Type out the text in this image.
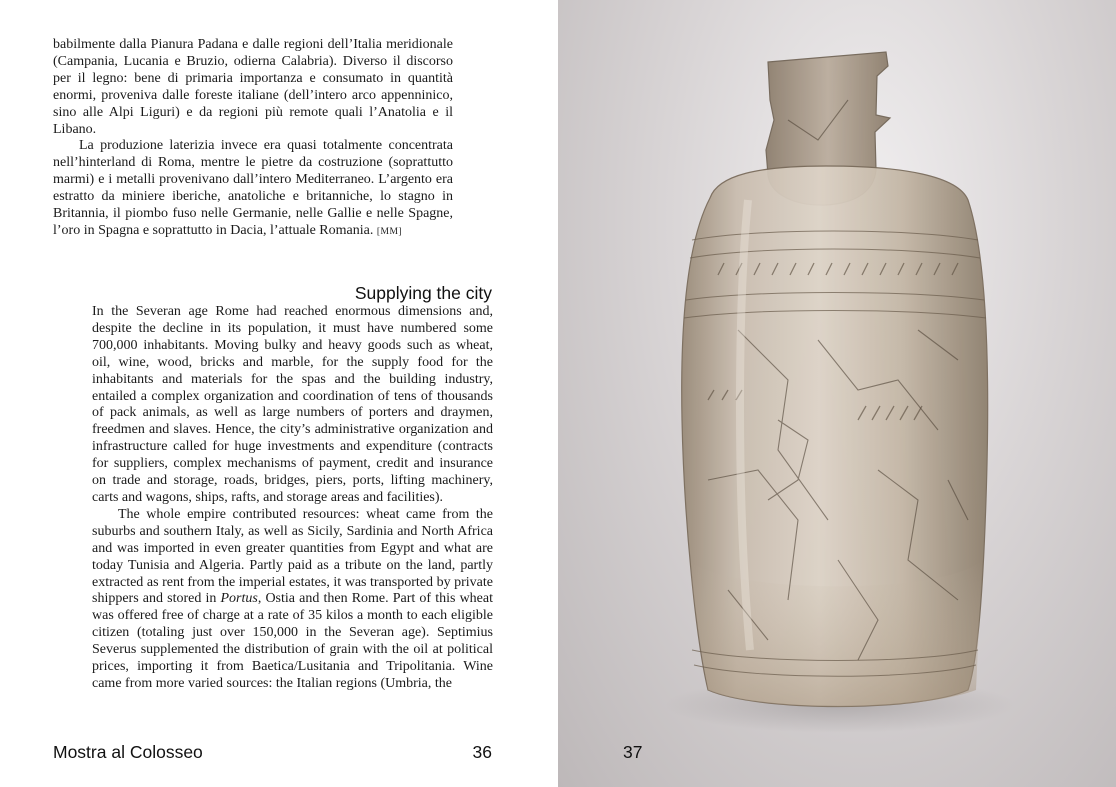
babilmente dalla Pianura Padana e dalle regioni dell’Italia meridionale (Campania, Lucania e Bruzio, odierna Calabria). Diverso il discorso per il legno: bene di primaria importanza e consumato in quantità enormi, proveniva dalle foreste italiane (dell’intero arco appenninico, sino alle Alpi Liguri) e da regioni più remote quali l’Anatolia e il Libano.

La produzione laterizia invece era quasi totalmente concentrata nell’hinterland di Roma, mentre le pietre da costruzione (soprattutto marmi) e i metalli provenivano dall’intero Mediterraneo. L’argento era estratto da miniere iberiche, anatoliche e britanniche, lo stagno in Britannia, il piombo fuso nelle Germanie, nelle Gallie e nelle Spagne, l’oro in Spagna e soprattutto in Dacia, l’attuale Romania. [MM]

Supplying the city

In the Severan age Rome had reached enormous dimensions and, despite the decline in its population, it must have numbered some 700,000 inhabitants. Moving bulky and heavy goods such as wheat, oil, wine, wood, bricks and marble, for the supply food for the inhabitants and materials for the spas and the building industry, entailed a complex organization and coordination of tens of thousands of pack animals, as well as large numbers of porters and draymen, freedmen and slaves. Hence, the city’s administrative organization and infrastructure called for huge investments and expenditure (contracts for suppliers, complex mechanisms of payment, credit and insurance on trade and storage, roads, bridges, piers, ports, lifting machinery, carts and wagons, ships, rafts, and storage areas and facilities).

The whole empire contributed resources: wheat came from the suburbs and southern Italy, as well as Sicily, Sardinia and North Africa and was imported in even greater quantities from Egypt and what are today Tunisia and Algeria. Partly paid as a tribute on the land, partly extracted as rent from the imperial estates, it was transported by private shippers and stored in Portus, Ostia and then Rome. Part of this wheat was offered free of charge at a rate of 35 kilos a month to each eligible citizen (totaling just over 150,000 in the Severan age). Septimius Severus supplemented the distribution of grain with the oil at political prices, importing it from Baetica/Lusitania and Tripolitania. Wine came from more varied sources: the Italian regions (Umbria, the

Mostra al Colosseo	36	37
